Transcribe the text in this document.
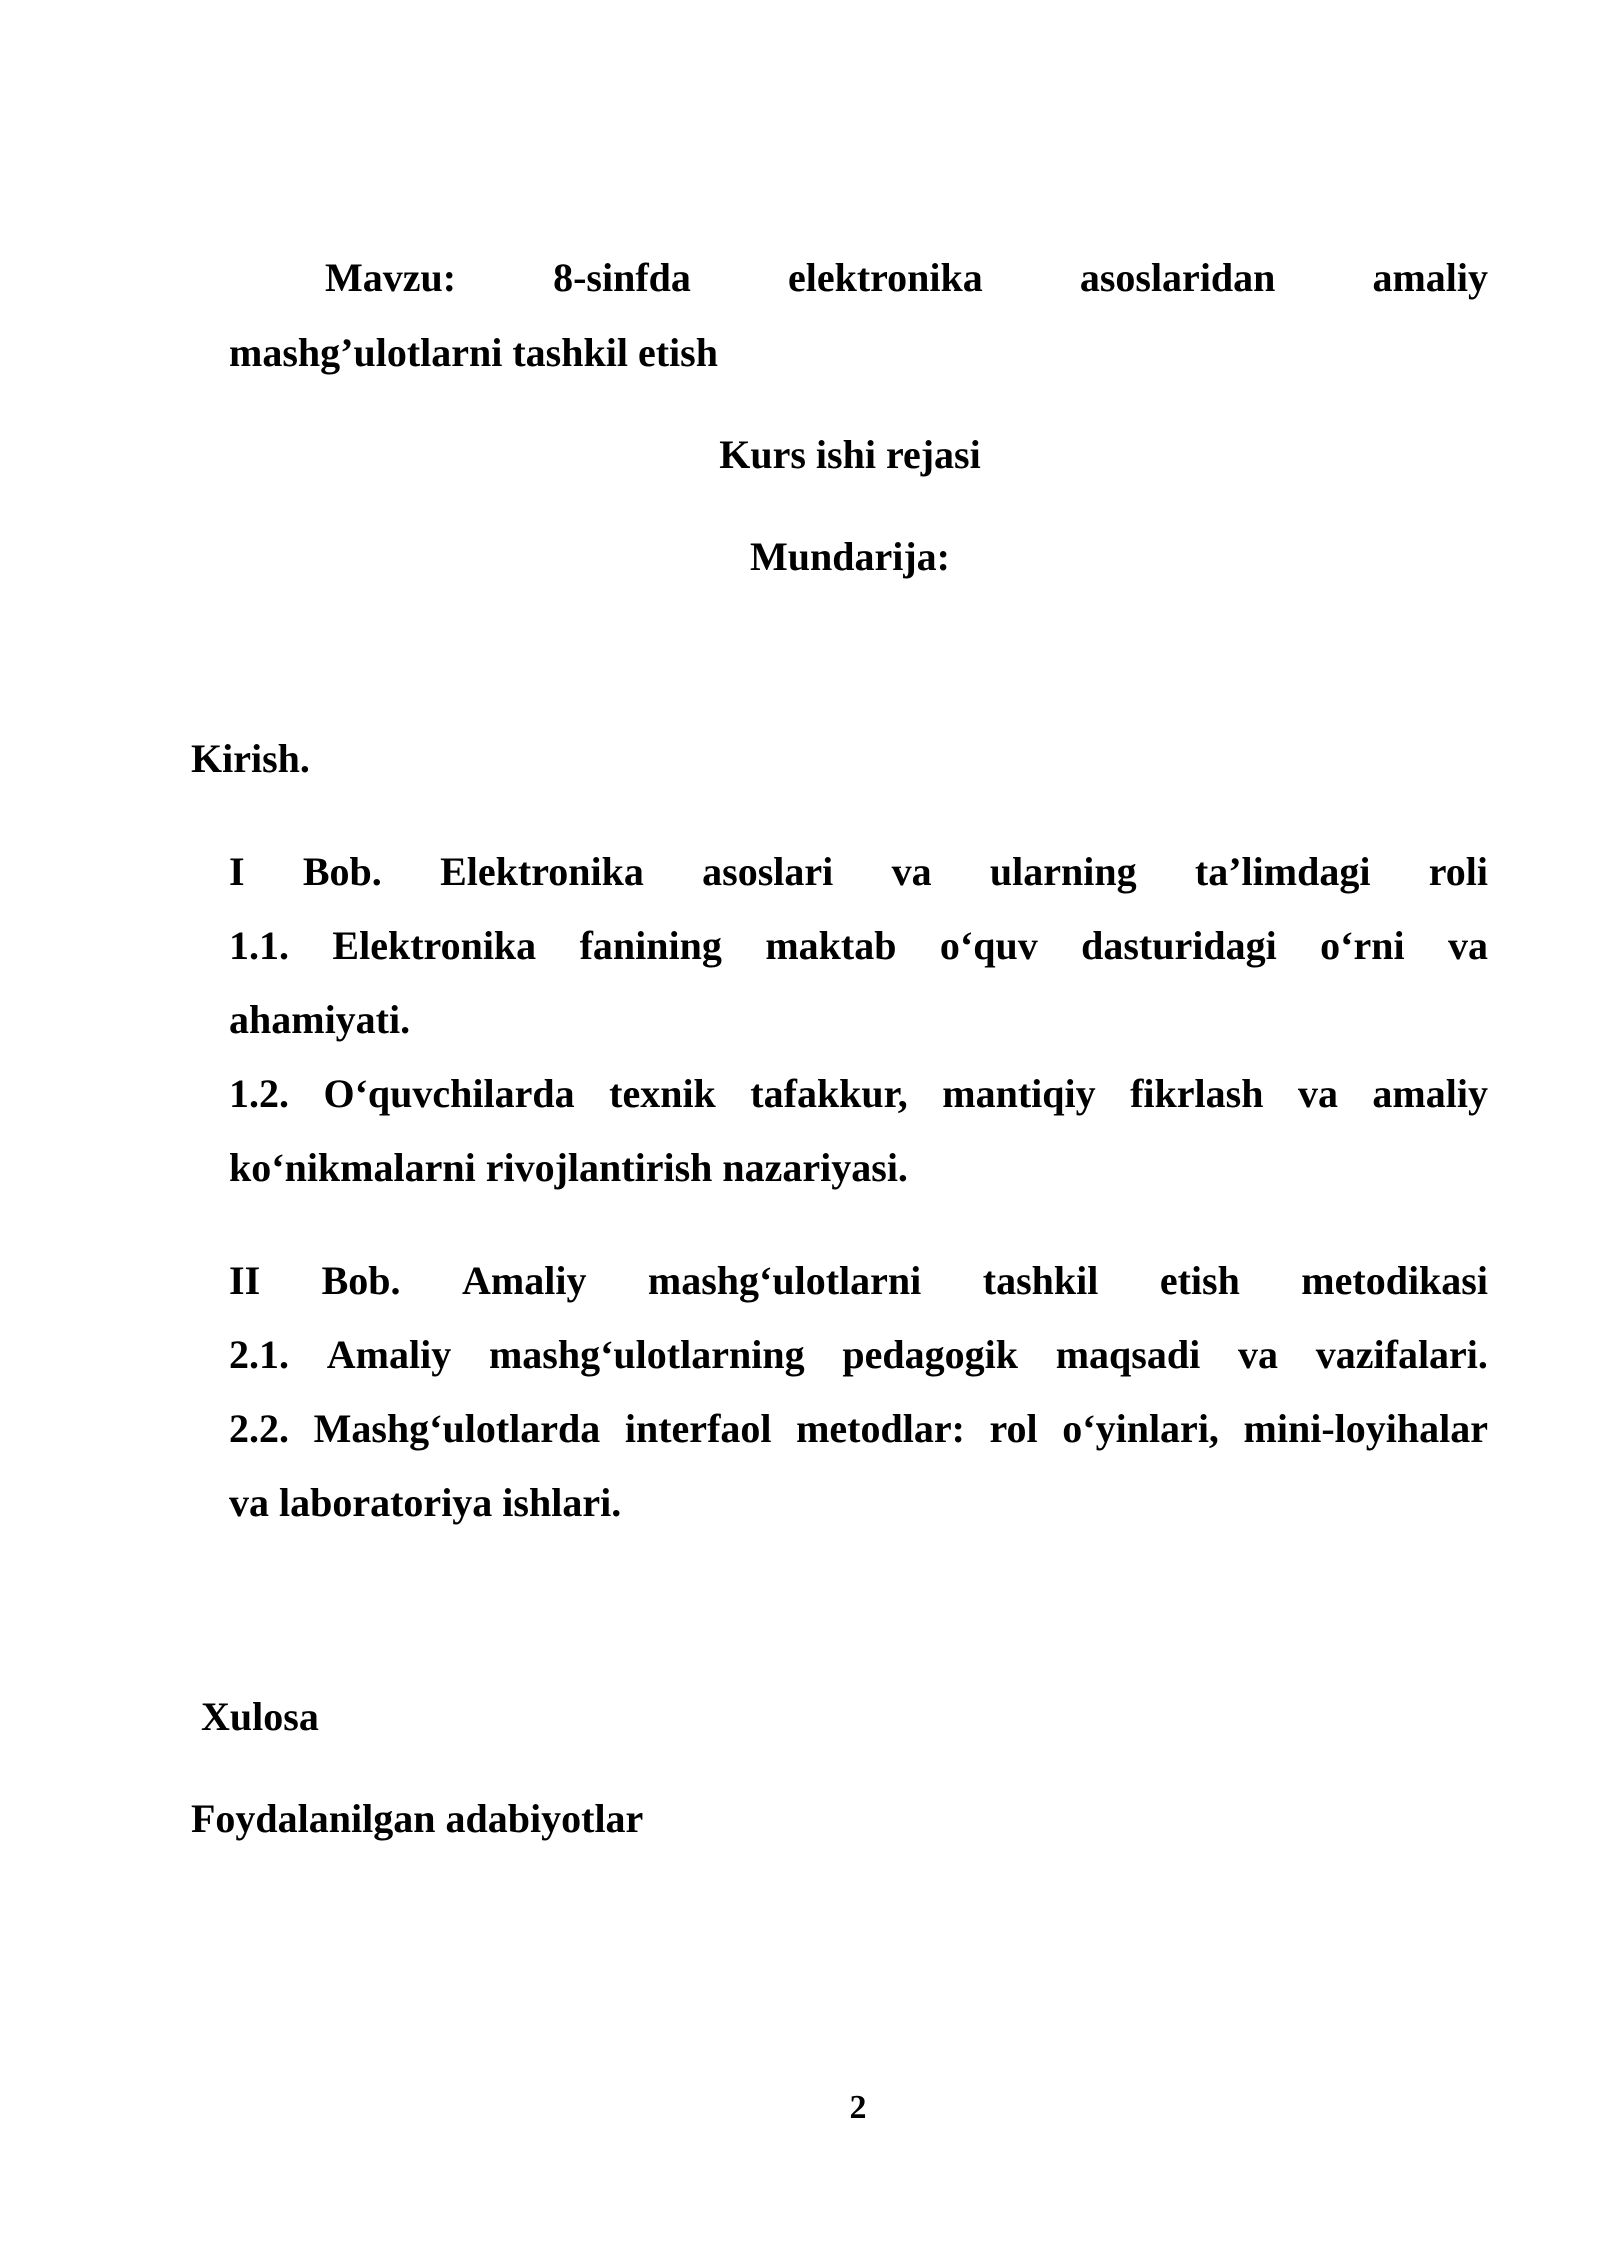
Mavzu: 8-sinfda elektronika asoslaridan amaliy
mashg’ulotlarni tashkil etish
Kurs ishi rejasi
Mundarija:
Kirish.
I Bob. Elektronika asoslari va ularning ta’limdagi roli
1.1. Elektronika fanining maktab o‘quv dasturidagi o‘rni va
ahamiyati.
1.2. O‘quvchilarda texnik tafakkur, mantiqiy fikrlash va amaliy
ko‘nikmalarni rivojlantirish nazariyasi.
II Bob. Amaliy mashg‘ulotlarni tashkil etish metodikasi
2.1. Amaliy mashg‘ulotlarning pedagogik maqsadi va vazifalari.
2.2. Mashg‘ulotlarda interfaol metodlar: rol o‘yinlari, mini-loyihalar
va laboratoriya ishlari.
Xulosa
Foydalanilgan adabiyotlar
2
